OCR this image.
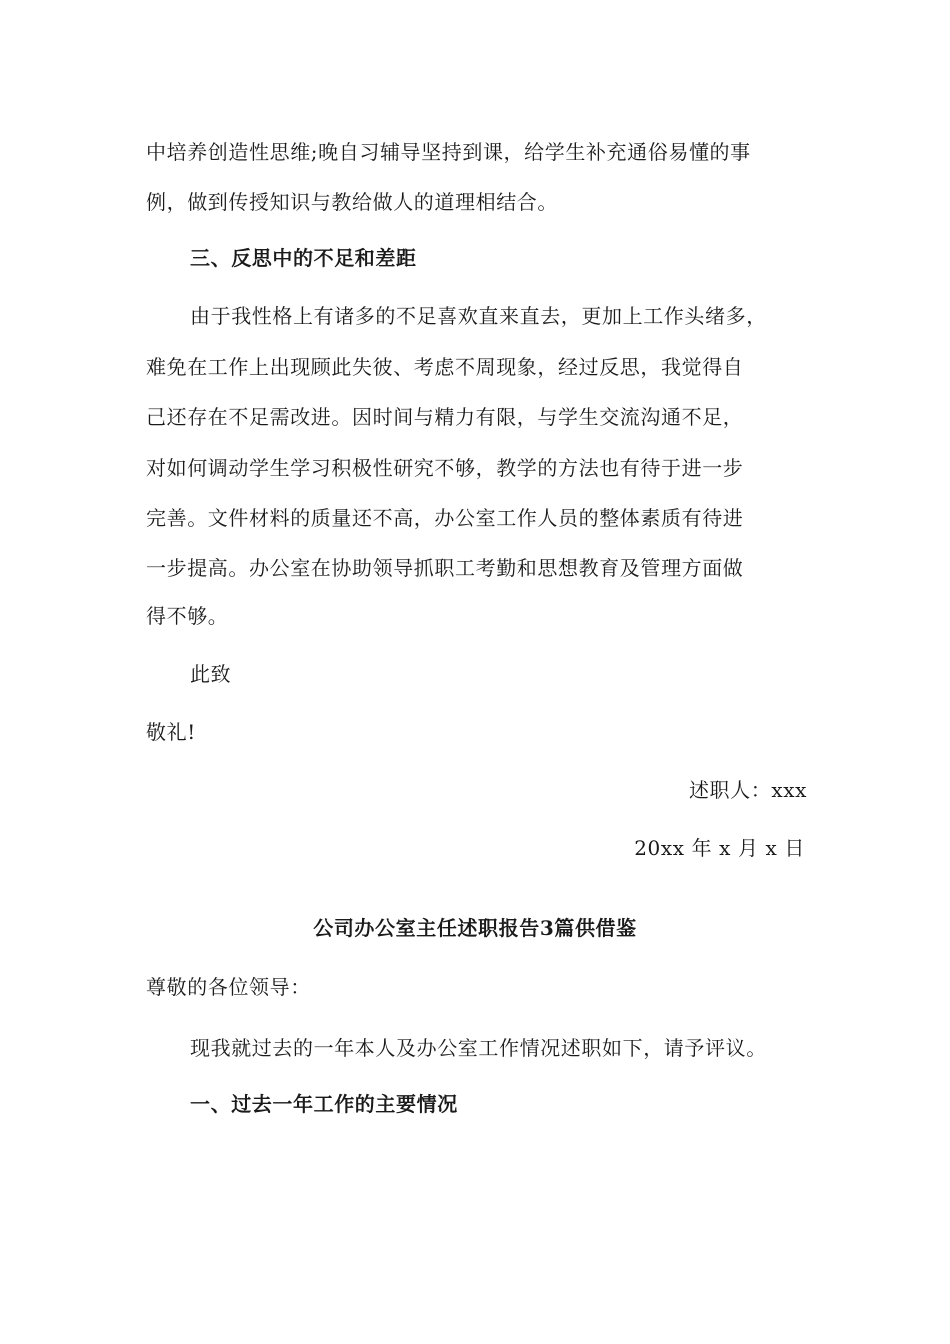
中培养创造性思维;晚自习辅导坚持到课，给学生补充通俗易懂的事
例，做到传授知识与教给做人的道理相结合。
三、反思中的不足和差距
由于我性格上有诸多的不足喜欢直来直去，更加上工作头绪多，
难免在工作上出现顾此失彼、考虑不周现象，经过反思，我觉得自
己还存在不足需改进。因时间与精力有限，与学生交流沟通不足，
对如何调动学生学习积极性研究不够，教学的方法也有待于进一步
完善。文件材料的质量还不高，办公室工作人员的整体素质有待进
一步提高。办公室在协助领导抓职工考勤和思想教育及管理方面做
得不够。
此致
敬礼!
述职人：xxx
20xx 年 x 月 x 日
公司办公室主任述职报告3篇供借鉴
尊敬的各位领导：
现我就过去的一年本人及办公室工作情况述职如下，请予评议。
一、过去一年工作的主要情况
